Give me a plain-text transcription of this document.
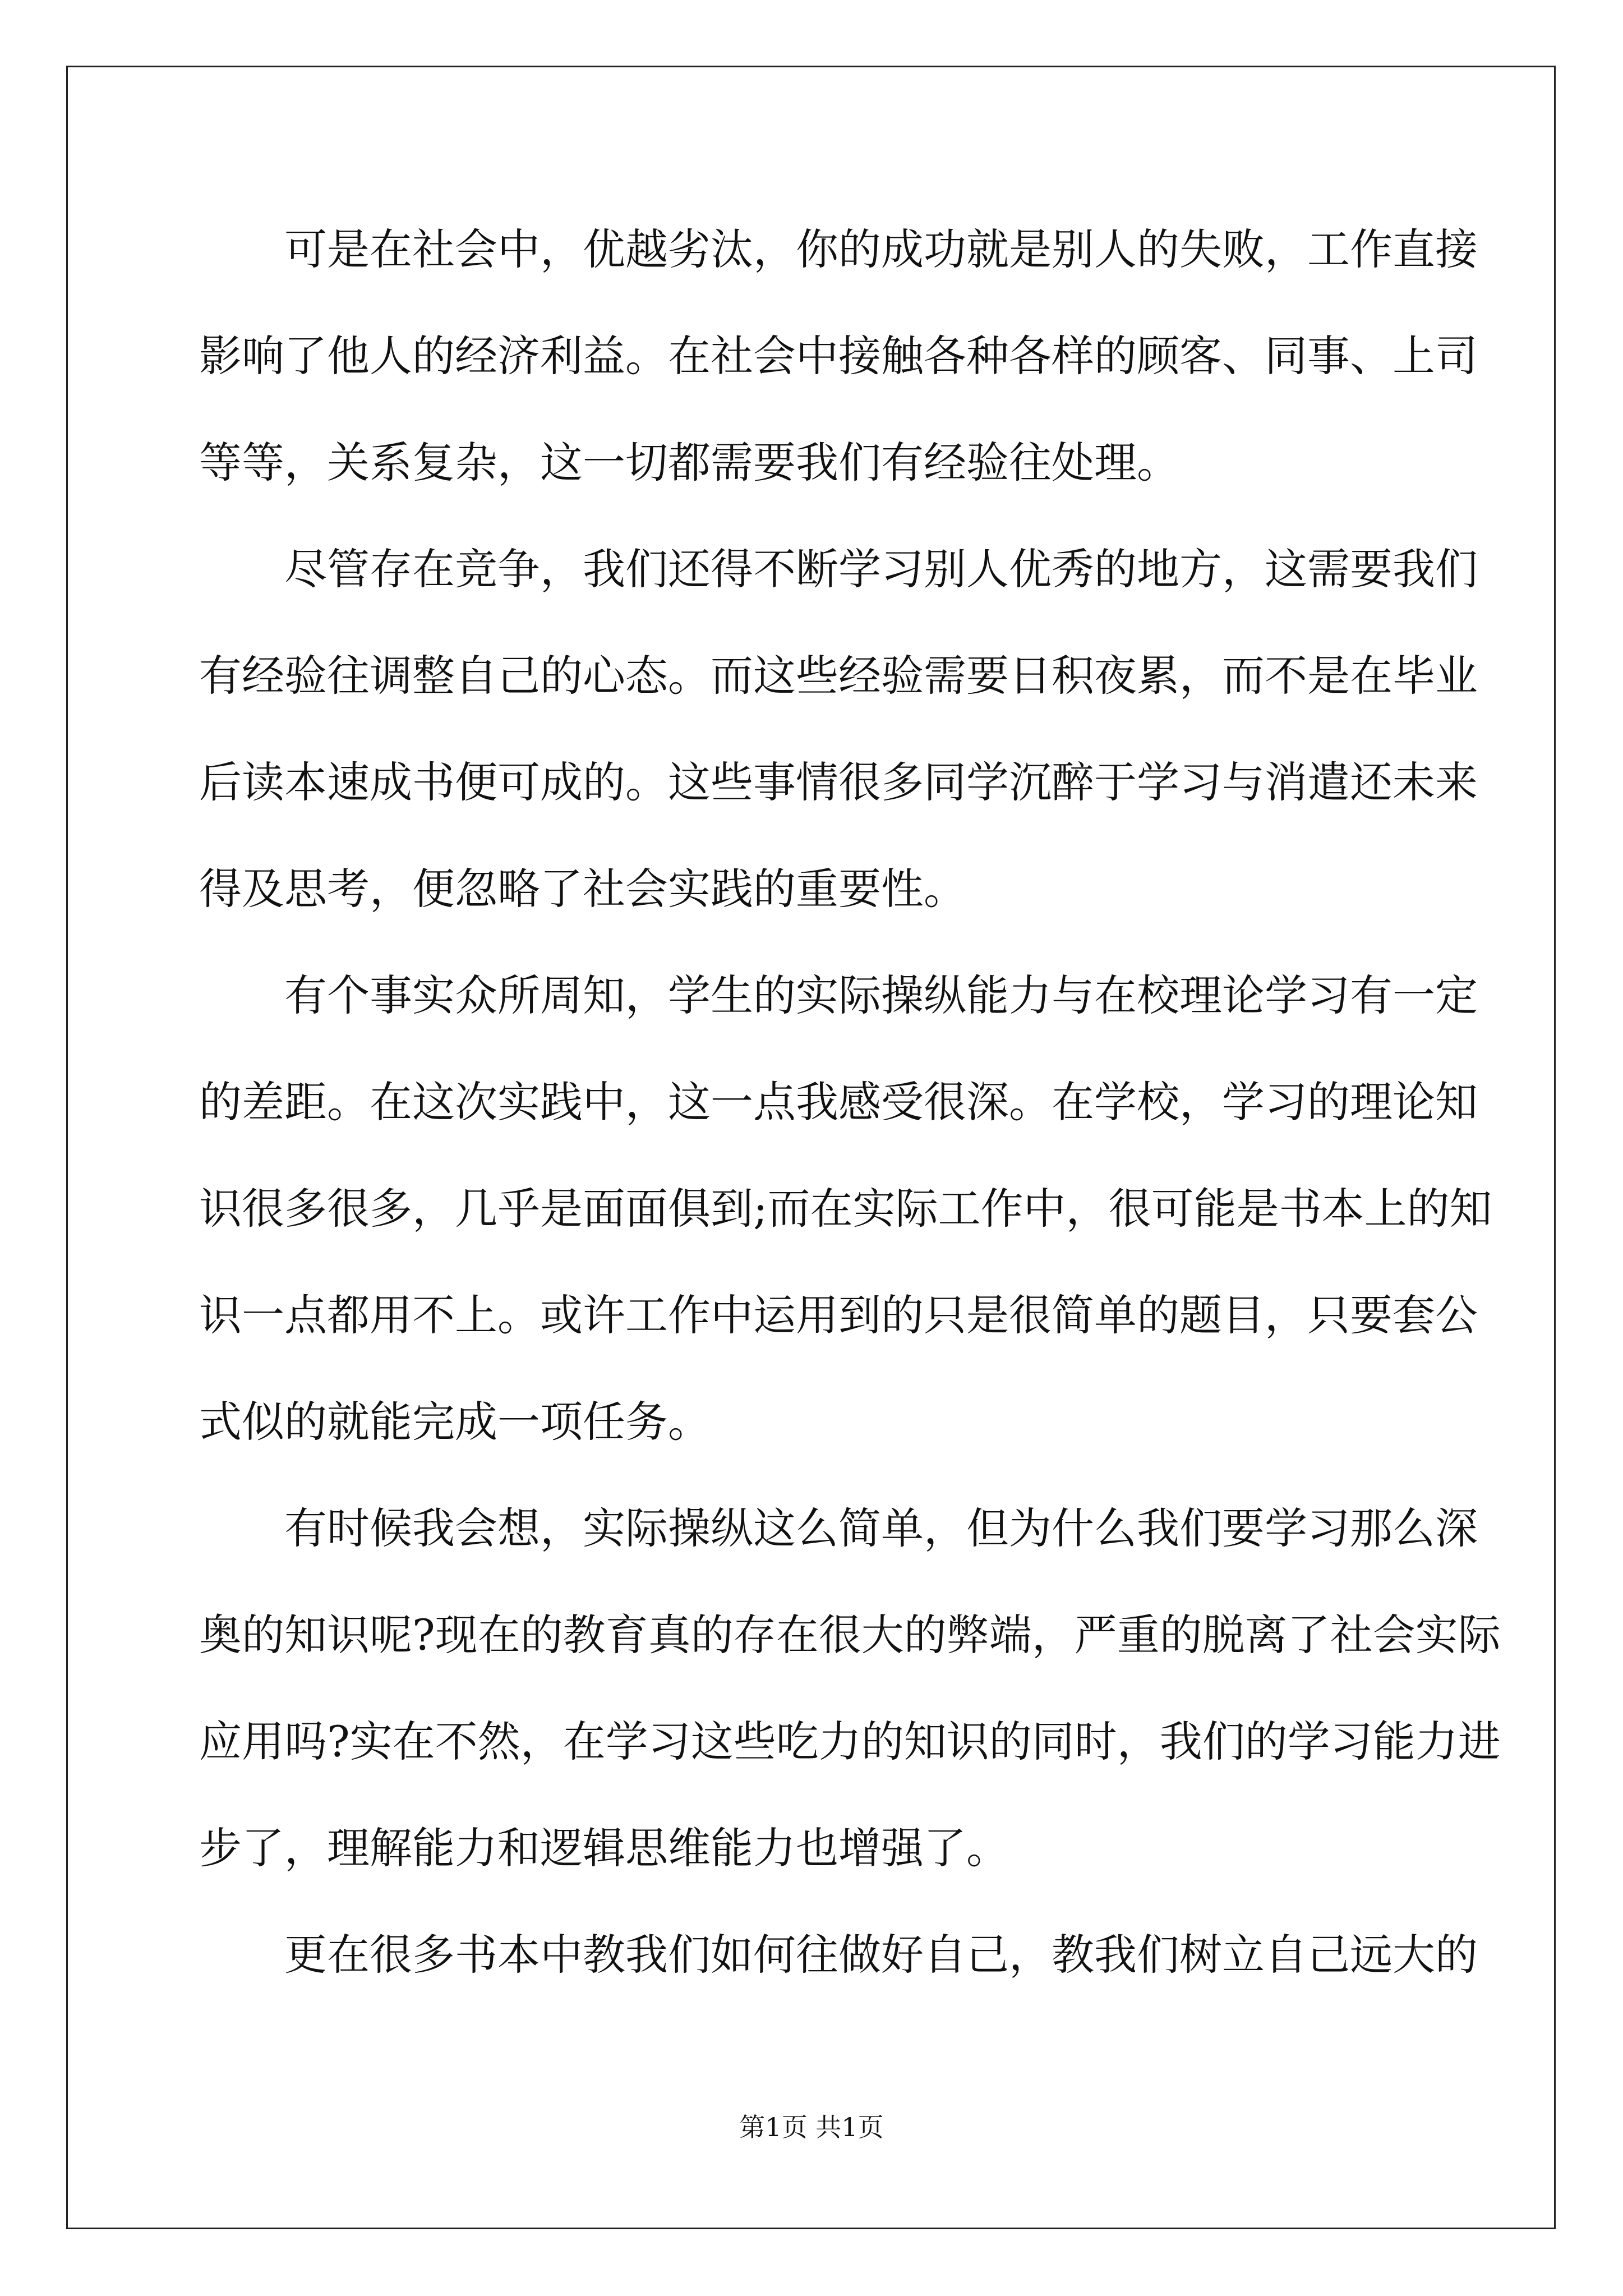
可是在社会中，优越劣汰，你的成功就是别人的失败，工作直接
影响了他人的经济利益。在社会中接触各种各样的顾客、同事、上司
等等，关系复杂，这一切都需要我们有经验往处理。
尽管存在竞争，我们还得不断学习别人优秀的地方，这需要我们
有经验往调整自己的心态。而这些经验需要日积夜累，而不是在毕业
后读本速成书便可成的。这些事情很多同学沉醉于学习与消遣还未来
得及思考，便忽略了社会实践的重要性。
有个事实众所周知，学生的实际操纵能力与在校理论学习有一定
的差距。在这次实践中，这一点我感受很深。在学校，学习的理论知
识很多很多，几乎是面面俱到;而在实际工作中，很可能是书本上的知
识一点都用不上。或许工作中运用到的只是很简单的题目，只要套公
式似的就能完成一项任务。
有时候我会想，实际操纵这么简单，但为什么我们要学习那么深
奥的知识呢?现在的教育真的存在很大的弊端，严重的脱离了社会实际
应用吗?实在不然，在学习这些吃力的知识的同时，我们的学习能力进
步了，理解能力和逻辑思维能力也增强了。
更在很多书本中教我们如何往做好自己，教我们树立自己远大的
第1页 共1页
